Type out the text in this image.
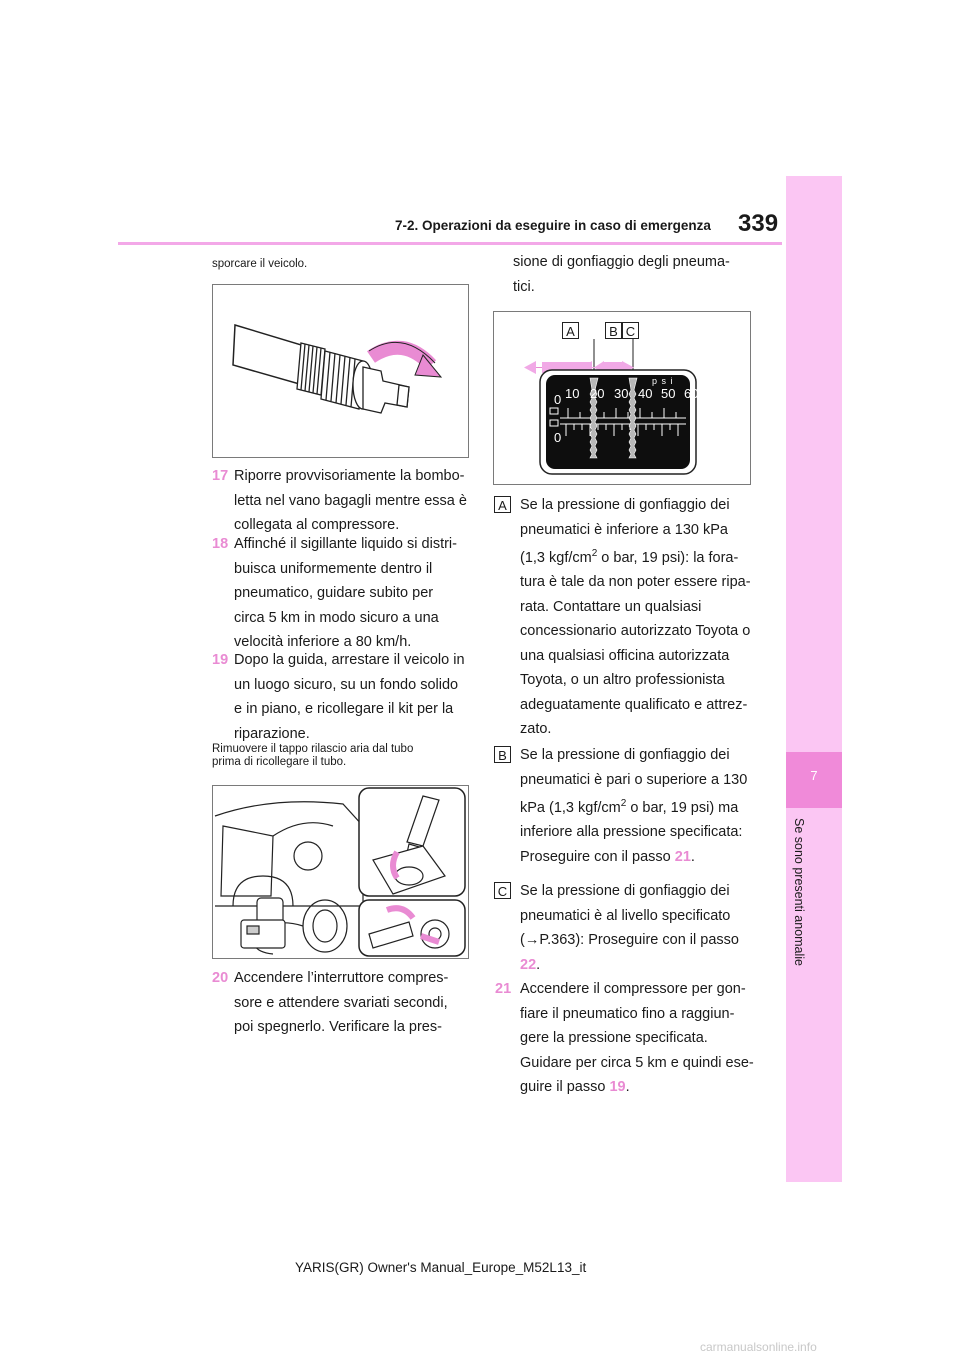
7-2. Operazioni da eseguire in caso di emergenza 339
7
sporcare il veicolo.
17 Riporre provvisoriamente la bombo-
letta nel vano bagagli mentre essa è
collegata al compressore.
18 Affinché il sigillante liquido si distri-
buisca uniformemente dentro il
pneumatico, guidare subito per
circa 5 km in modo sicuro a una
velocità inferiore a 80 km/h.
19 Dopo la guida, arrestare il veicolo in
un luogo sicuro, su un fondo solido
e in piano, e ricollegare il kit per la
riparazione.
Rimuovere il tappo rilascio aria dal tubo
prima di ricollegare il tubo.
20 Accendere l’interruttore compres-
sore e attendere svariati secondi,
poi spegnerlo. Verificare la pres-
sione di gonfiaggio degli pneuma-
tici.
A	B C
p s i
0 10 20 30 40 50 60
0
A Se la pressione di gonfiaggio dei
pneumatici è inferiore a 130 kPa
(1,3 kgf/$cm^2$ o bar, 19 psi): la fora-
tura è tale da non poter essere ripa-
rata. Contattare un qualsiasi
concessionario autorizzato Toyota o
una qualsiasi officina autorizzata
Toyota, o un altro professionista
adeguatamente qualificato e attrez-
zato.
B Se la pressione di gonfiaggio dei
pneumatici è pari o superiore a 130
kPa (1,3 kgf/$cm^2$ o bar, 19 psi) ma
inferiore alla pressione specificata:
Proseguire con il passo 21.
C Se la pressione di gonfiaggio dei
pneumatici è al livello specificato
(→P.363): Proseguire con il passo
22.
21 Accendere il compressore per gon-
fiare il pneumatico fino a raggiun-
gere la pressione specificata.
Guidare per circa 5 km e quindi ese-
guire il passo 19.
YARIS(GR) Owner's Manual_Europe_M52L13_it
carmanualsonline.info
